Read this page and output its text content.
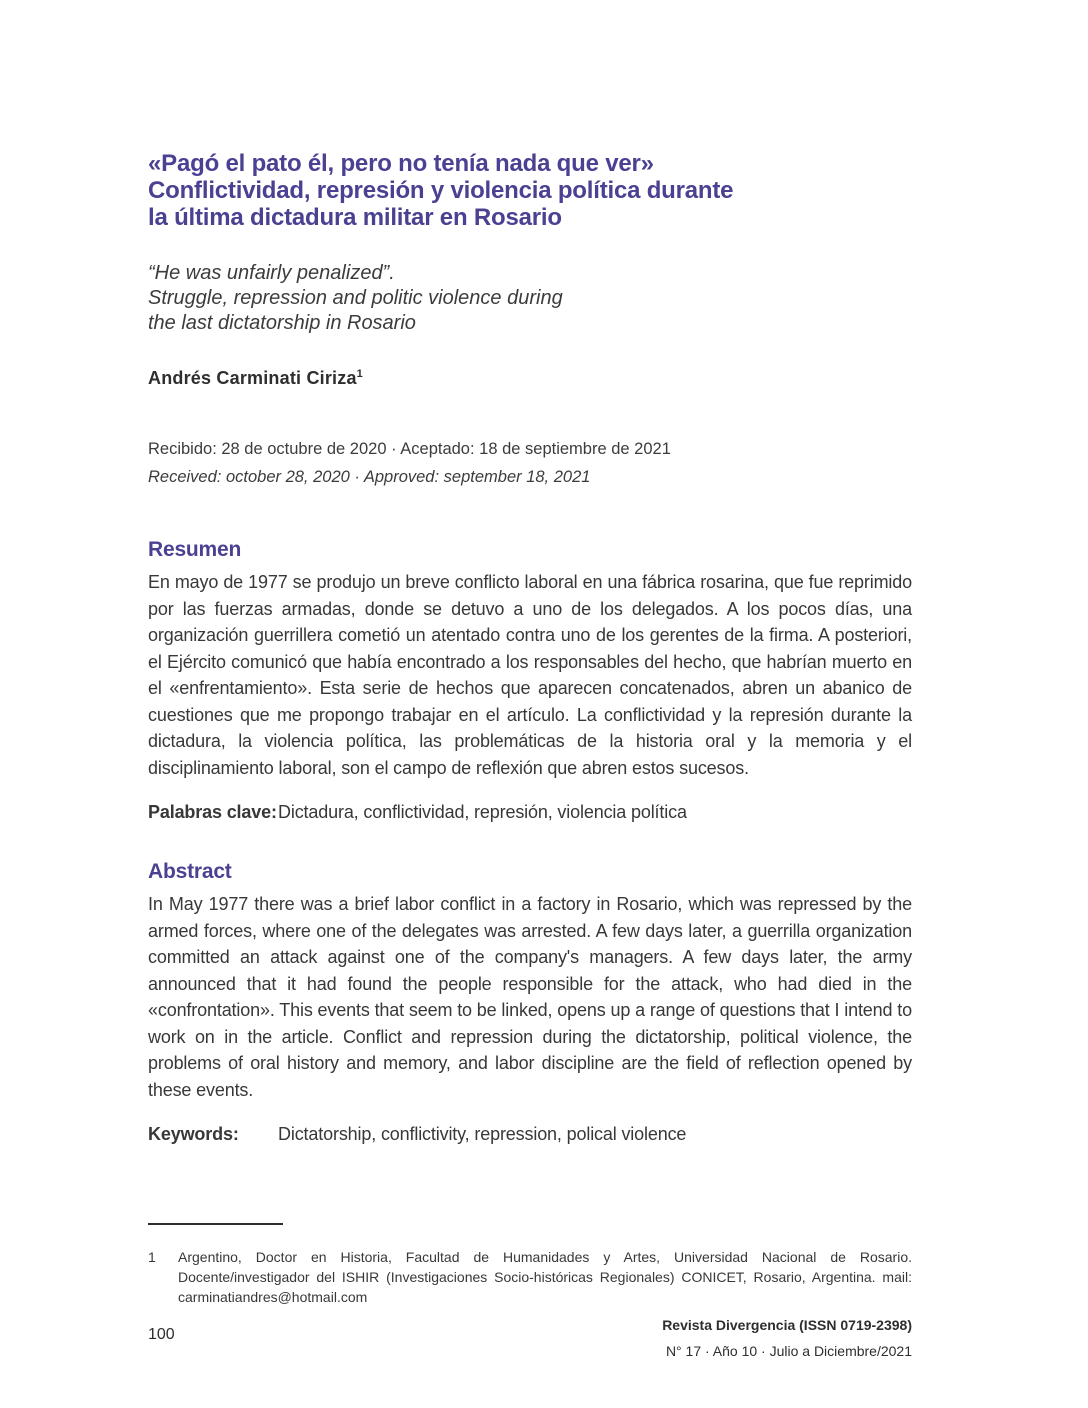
«Pagó el pato él, pero no tenía nada que ver»
Conflictividad, represión y violencia política durante
la última dictadura militar en Rosario
“He was unfairly penalized”.
Struggle, repression and politic violence during
the last dictatorship in Rosario
Andrés Carminati Ciriza$^1$
Recibido: 28 de octubre de 2020 · Aceptado: 18 de septiembre de 2021
Received: october 28, 2020 · Approved: september 18, 2021
Resumen

En mayo de 1977 se produjo un breve conflicto laboral en una fábrica rosarina, que fue reprimido por las fuerzas armadas, donde se detuvo a uno de los delegados. A los pocos días, una organización guerrillera cometió un atentado contra uno de los gerentes de la firma. A posteriori, el Ejército comunicó que había encontrado a los responsables del hecho, que habrían muerto en el «enfrentamiento». Esta serie de hechos que aparecen concatenados, abren un abanico de cuestiones que me propongo trabajar en el artículo. La conflictividad y la represión durante la dictadura, la violencia política, las problemáticas de la historia oral y la memoria y el disciplinamiento laboral, son el campo de reflexión que abren estos sucesos.

Palabras clave: Dictadura, conflictividad, represión, violencia política
Abstract

In May 1977 there was a brief labor conflict in a factory in Rosario, which was repressed by the armed forces, where one of the delegates was arrested. A few days later, a guerrilla organization committed an attack against one of the company's managers. A few days later, the army announced that it had found the people responsible for the attack, who had died in the «confrontation». This events that seem to be linked, opens up a range of questions that I intend to work on in the article. Conflict and repression during the dictatorship, political violence, the problems of oral history and memory, and labor discipline are the field of reflection opened by these events.

Keywords:	Dictatorship, conflictivity, repression, polical violence
1	Argentino, Doctor en Historia, Facultad de Humanidades y Artes, Universidad Nacional de Rosario. Docente/investigador del ISHIR (Investigaciones Socio-históricas Regionales) CONICET, Rosario, Argentina. mail: carminatiandres@hotmail.com

100
Revista Divergencia (ISSN 0719-2398)
N° 17 · Año 10 · Julio a Diciembre/2021
